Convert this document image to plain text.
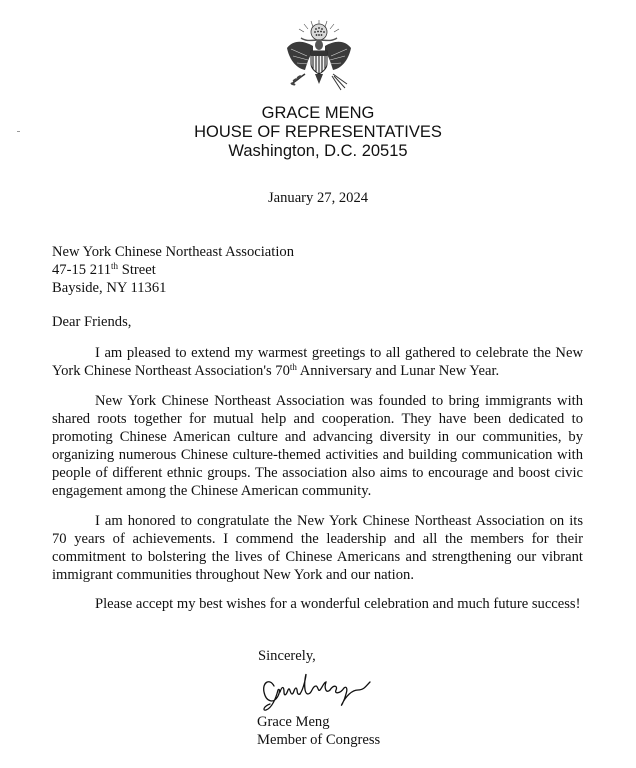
GRACE MENG
HOUSE OF REPRESENTATIVES
Washington, D.C. 20515
January 27, 2024
New York Chinese Northeast Association
47-15 211th Street
Bayside, NY 11361
Dear Friends,
I am pleased to extend my warmest greetings to all gathered to celebrate the New
York Chinese Northeast Association's 70th Anniversary and Lunar New Year.
New York Chinese Northeast Association was founded to bring immigrants with
shared roots together for mutual help and cooperation. They have been dedicated to
promoting Chinese American culture and advancing diversity in our communities, by
organizing numerous Chinese culture-themed activities and building communication with
people of different ethnic groups. The association also aims to encourage and boost civic
engagement among the Chinese American community.
I am honored to congratulate the New York Chinese Northeast Association on its
70 years of achievements. I commend the leadership and all the members for their
commitment to bolstering the lives of Chinese Americans and strengthening our vibrant
immigrant communities throughout New York and our nation.
Please accept my best wishes for a wonderful celebration and much future success!
Sincerely,
Grace Meng
Member of Congress
